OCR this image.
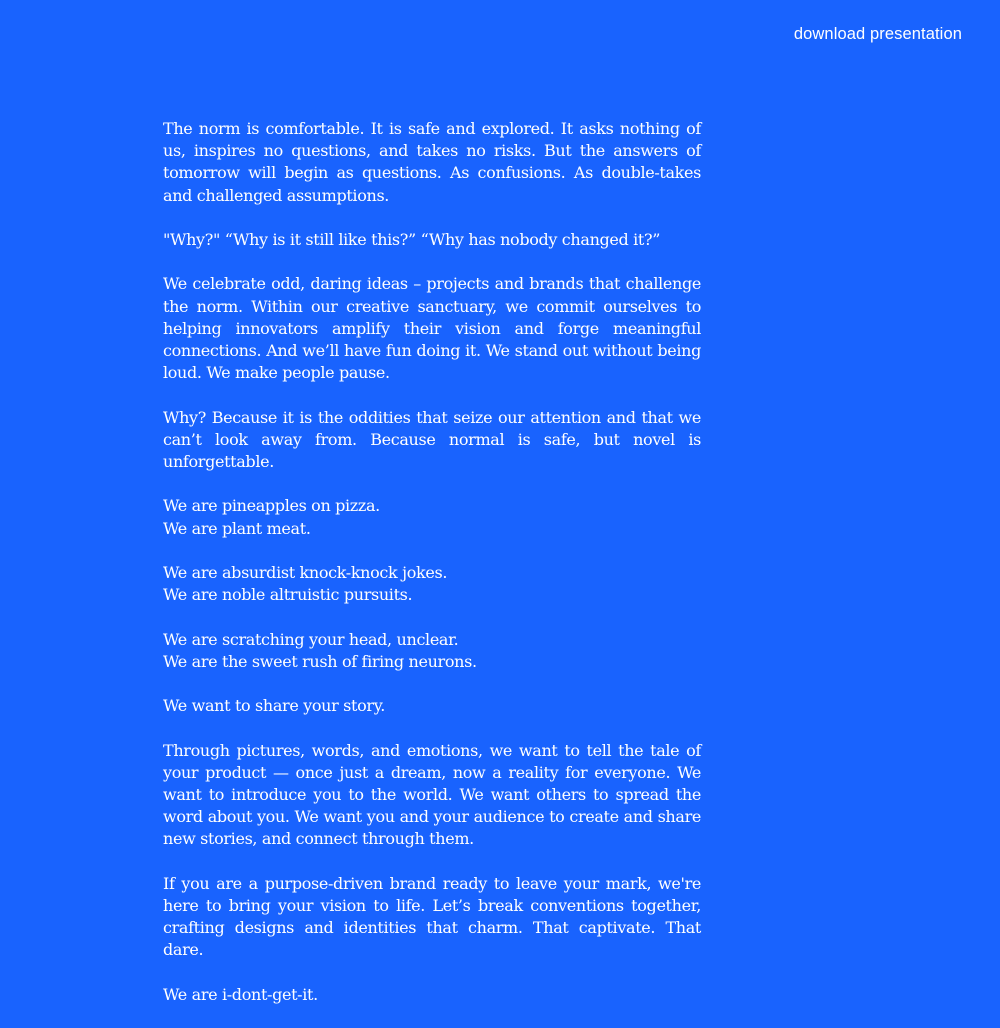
download presentation

The norm is comfortable. It is safe and explored. It asks nothing of us, inspires no questions, and takes no risks. But the answers of tomorrow will begin as questions. As confusions. As double-takes and challenged assumptions.

"Why?" “Why is it still like this?” “Why has nobody changed it?”

We celebrate odd, daring ideas – projects and brands that challenge the norm. Within our creative sanctuary, we commit ourselves to helping innovators amplify their vision and forge meaningful connections. And we’ll have fun doing it. We stand out without being loud. We make people pause.

Why? Because it is the oddities that seize our attention and that we can’t look away from. Because normal is safe, but novel is unforgettable.

We are pineapples on pizza.
We are plant meat.

We are absurdist knock-knock jokes.
We are noble altruistic pursuits.

We are scratching your head, unclear.
We are the sweet rush of firing neurons.

We want to share your story.

Through pictures, words, and emotions, we want to tell the tale of your product — once just a dream, now a reality for everyone. We want to introduce you to the world. We want others to spread the word about you. We want you and your audience to create and share new stories, and connect through them.

If you are a purpose-driven brand ready to leave your mark, we're here to bring your vision to life. Let’s break conventions together, crafting designs and identities that charm. That captivate. That dare.

We are i-dont-get-it.
